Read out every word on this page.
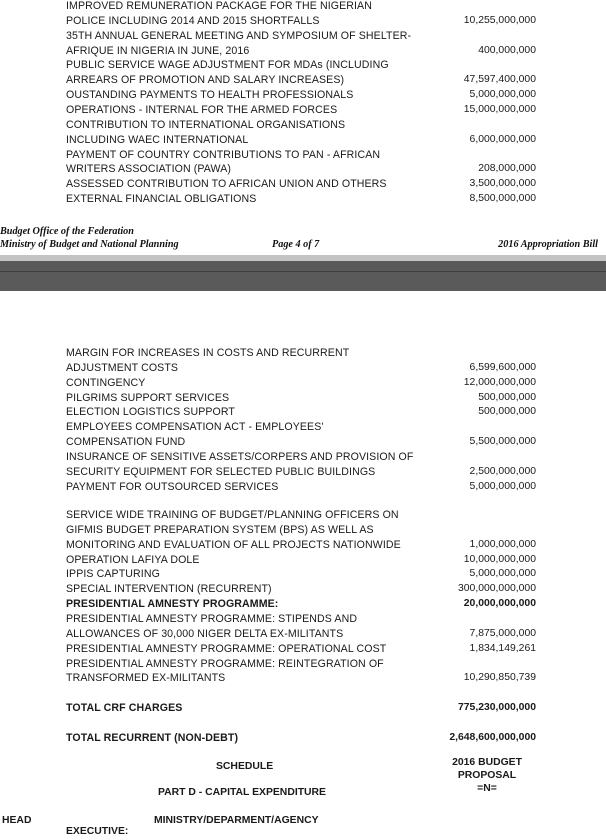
IMPROVED REMUNERATION PACKAGE FOR THE NIGERIAN
POLICE INCLUDING 2014 AND 2015 SHORTFALLS	10,255,000,000
35TH ANNUAL GENERAL MEETING AND SYMPOSIUM OF SHELTER-
AFRIQUE IN NIGERIA IN JUNE, 2016	400,000,000
PUBLIC SERVICE WAGE ADJUSTMENT FOR MDAs (INCLUDING
ARREARS OF PROMOTION AND SALARY INCREASES)	47,597,400,000
OUSTANDING PAYMENTS TO HEALTH PROFESSIONALS	5,000,000,000
OPERATIONS - INTERNAL FOR THE ARMED FORCES	15,000,000,000
CONTRIBUTION TO INTERNATIONAL ORGANISATIONS
INCLUDING WAEC INTERNATIONAL	6,000,000,000
PAYMENT OF COUNTRY CONTRIBUTIONS TO PAN - AFRICAN
WRITERS ASSOCIATION (PAWA)	208,000,000
ASSESSED CONTRIBUTION TO AFRICAN UNION AND OTHERS	3,500,000,000
EXTERNAL FINANCIAL OBLIGATIONS	8,500,000,000
Budget Office of the Federation
Ministry of Budget and National Planning	Page 4 of 7	2016 Appropriation Bill
MARGIN FOR INCREASES IN COSTS AND RECURRENT
ADJUSTMENT COSTS	6,599,600,000
CONTINGENCY	12,000,000,000
PILGRIMS SUPPORT SERVICES	500,000,000
ELECTION LOGISTICS SUPPORT	500,000,000
EMPLOYEES COMPENSATION ACT - EMPLOYEES'
COMPENSATION FUND	5,500,000,000
INSURANCE OF SENSITIVE ASSETS/CORPERS AND PROVISION OF
SECURITY EQUIPMENT FOR SELECTED PUBLIC BUILDINGS	2,500,000,000
PAYMENT FOR OUTSOURCED SERVICES	5,000,000,000
SERVICE WIDE TRAINING OF BUDGET/PLANNING OFFICERS ON
GIFMIS BUDGET PREPARATION SYSTEM (BPS) AS WELL AS
MONITORING AND EVALUATION OF ALL PROJECTS NATIONWIDE	1,000,000,000
OPERATION LAFIYA DOLE	10,000,000,000
IPPIS CAPTURING	5,000,000,000
SPECIAL INTERVENTION (RECURRENT)	300,000,000,000
PRESIDENTIAL AMNESTY PROGRAMME:	20,000,000,000
PRESIDENTIAL AMNESTY PROGRAMME: STIPENDS AND
ALLOWANCES OF 30,000 NIGER DELTA EX-MILITANTS	7,875,000,000
PRESIDENTIAL AMNESTY PROGRAMME: OPERATIONAL COST	1,834,149,261
PRESIDENTIAL AMNESTY PROGRAMME: REINTEGRATION OF
TRANSFORMED EX-MILITANTS	10,290,850,739
TOTAL CRF CHARGES	775,230,000,000
TOTAL RECURRENT (NON-DEBT)	2,648,600,000,000
SCHEDULE	2016 BUDGET
PROPOSAL
=N=
PART D - CAPITAL EXPENDITURE
HEAD	MINISTRY/DEPARMENT/AGENCY
EXECUTIVE:
